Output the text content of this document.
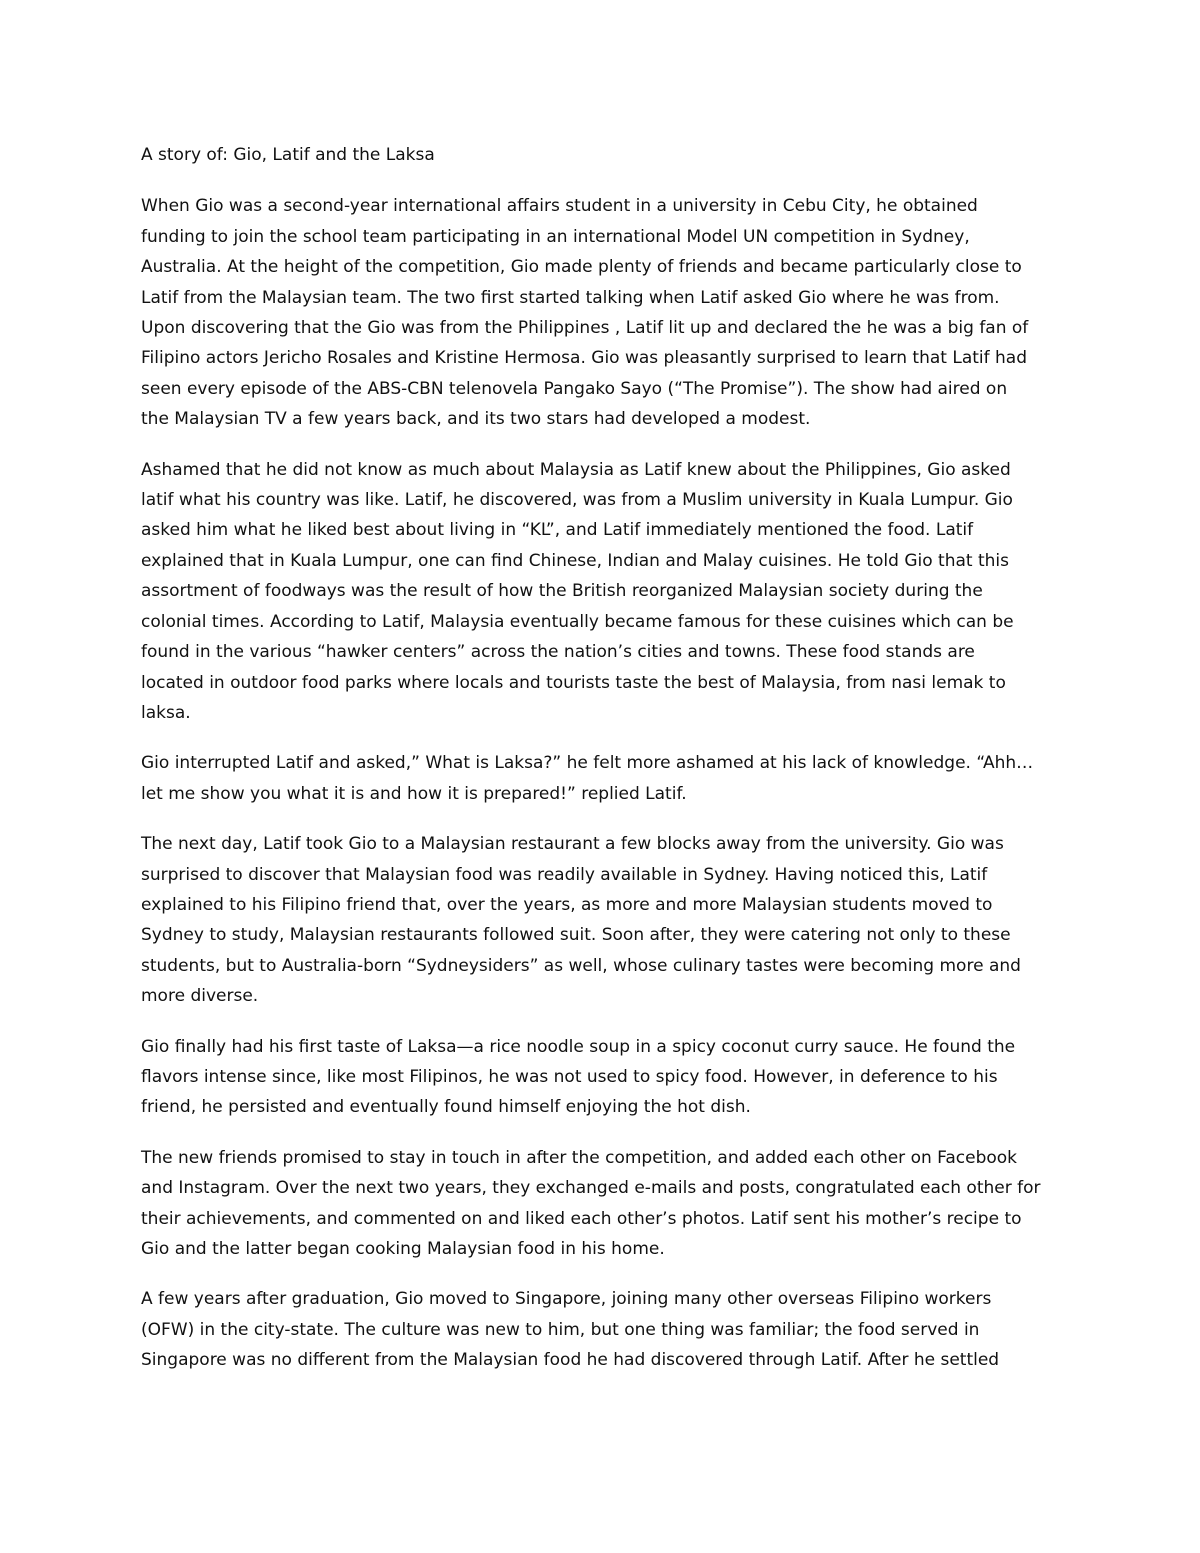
A story of: Gio, Latif and the Laksa

When Gio was a second-year international affairs student in a university in Cebu City, he obtained
funding to join the school team participating in an international Model UN competition in Sydney,
Australia. At the height of the competition, Gio made plenty of friends and became particularly close to
Latif from the Malaysian team. The two first started talking when Latif asked Gio where he was from.
Upon discovering that the Gio was from the Philippines , Latif lit up and declared the he was a big fan of
Filipino actors Jericho Rosales and Kristine Hermosa. Gio was pleasantly surprised to learn that Latif had
seen every episode of the ABS-CBN telenovela Pangako Sayo (“The Promise”). The show had aired on
the Malaysian TV a few years back, and its two stars had developed a modest.

Ashamed that he did not know as much about Malaysia as Latif knew about the Philippines, Gio asked
latif what his country was like. Latif, he discovered, was from a Muslim university in Kuala Lumpur. Gio
asked him what he liked best about living in “KL”, and Latif immediately mentioned the food. Latif
explained that in Kuala Lumpur, one can find Chinese, Indian and Malay cuisines. He told Gio that this
assortment of foodways was the result of how the British reorganized Malaysian society during the
colonial times. According to Latif, Malaysia eventually became famous for these cuisines which can be
found in the various “hawker centers” across the nation’s cities and towns. These food stands are
located in outdoor food parks where locals and tourists taste the best of Malaysia, from nasi lemak to
laksa.

Gio interrupted Latif and asked,” What is Laksa?” he felt more ashamed at his lack of knowledge. “Ahh…
let me show you what it is and how it is prepared!” replied Latif.

The next day, Latif took Gio to a Malaysian restaurant a few blocks away from the university. Gio was
surprised to discover that Malaysian food was readily available in Sydney. Having noticed this, Latif
explained to his Filipino friend that, over the years, as more and more Malaysian students moved to
Sydney to study, Malaysian restaurants followed suit. Soon after, they were catering not only to these
students, but to Australia-born “Sydneysiders” as well, whose culinary tastes were becoming more and
more diverse.

Gio finally had his first taste of Laksa—a rice noodle soup in a spicy coconut curry sauce. He found the
flavors intense since, like most Filipinos, he was not used to spicy food. However, in deference to his
friend, he persisted and eventually found himself enjoying the hot dish.

The new friends promised to stay in touch in after the competition, and added each other on Facebook
and Instagram. Over the next two years, they exchanged e-mails and posts, congratulated each other for
their achievements, and commented on and liked each other’s photos. Latif sent his mother’s recipe to
Gio and the latter began cooking Malaysian food in his home.

A few years after graduation, Gio moved to Singapore, joining many other overseas Filipino workers
(OFW) in the city-state. The culture was new to him, but one thing was familiar; the food served in
Singapore was no different from the Malaysian food he had discovered through Latif. After he settled
